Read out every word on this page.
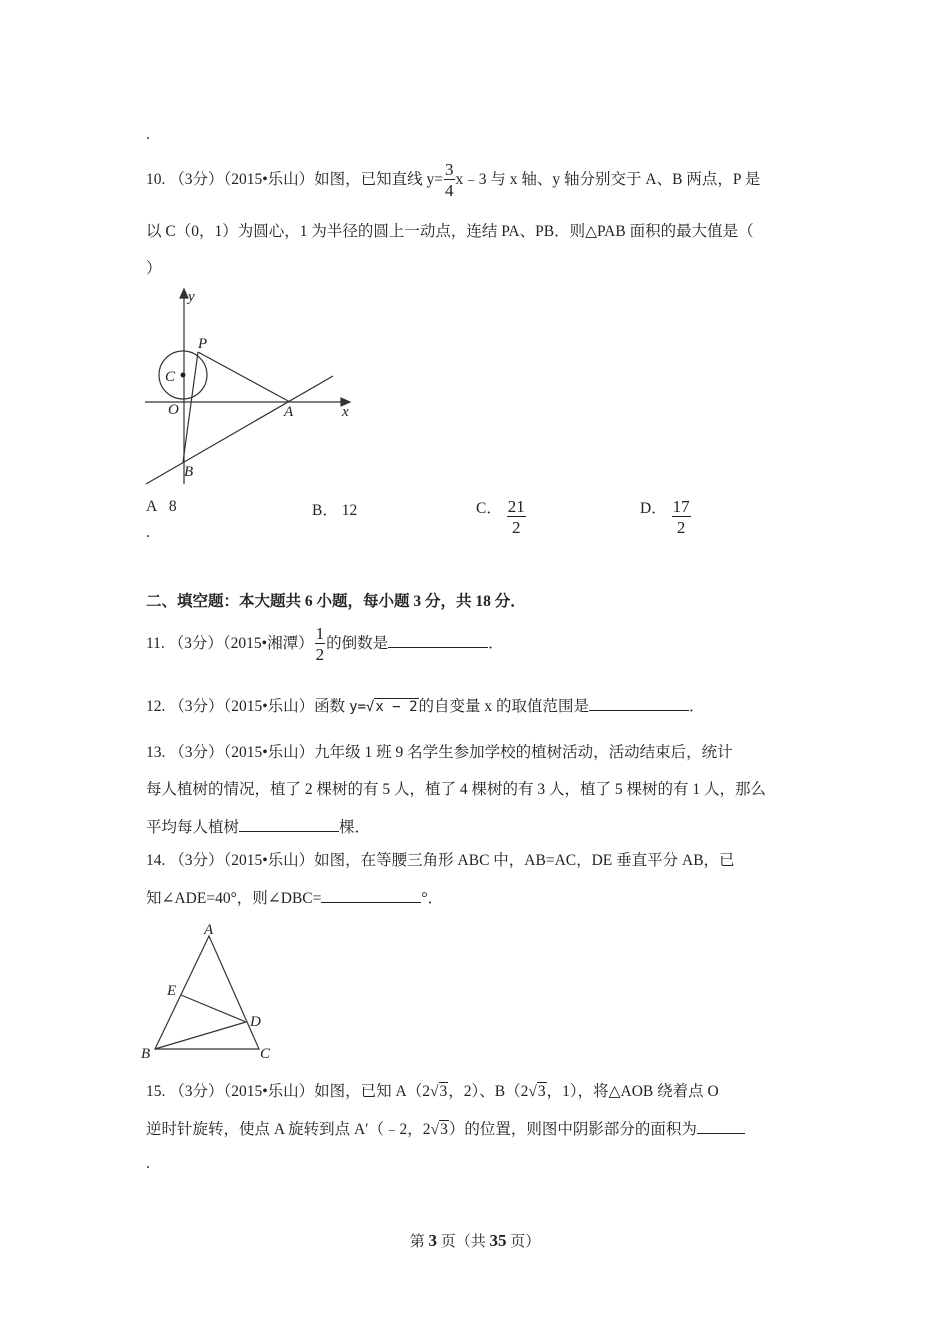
.
10. （3分）（2015•乐山）如图，已知直线 $y= \frac{3}{4}$ x﹣3 与 x 轴、y 轴分别交于 A、B 两点，P 是
以 C（0，1）为圆心，1 为半径的圆上一动点，连结 PA、PB．则△PAB 面积的最大值是（
）
y
x
P
C
O	A
B
A 8
.
B． 12	C． $\frac{21}{2}$	D． $\frac{17}{2}$
二、填空题：本大题共 6 小题，每小题 3 分，共 18 分．
11. （3分）（2015•湘潭） $\frac{1}{2}$ 的倒数是	．
12. （3分）（2015•乐山）函数 y=√x − 2的自变量 x 的取值范围是	．
13. （3分）（2015•乐山）九年级 1 班 9 名学生参加学校的植树活动，活动结束后，统计
每人植树的情况，植了 2 棵树的有 5 人，植了 4 棵树的有 3 人，植了 5 棵树的有 1 人，那么
平均每人植树	棵．
14. （3分）（2015•乐山）如图，在等腰三角形 ABC 中，AB=AC，DE 垂直平分 AB，已
知∠ADE=40°，则∠DBC=	°．
A
B	C
D
E
15. （3分）（2015•乐山）如图，已知 A（2√3，2）、B（2√3，1），将△AOB 绕着点 O
逆时针旋转，使点 A 旋转到点 A′（﹣2，2√3）的位置，则图中阴影部分的面积为
.
第 3 页（共 35 页）
